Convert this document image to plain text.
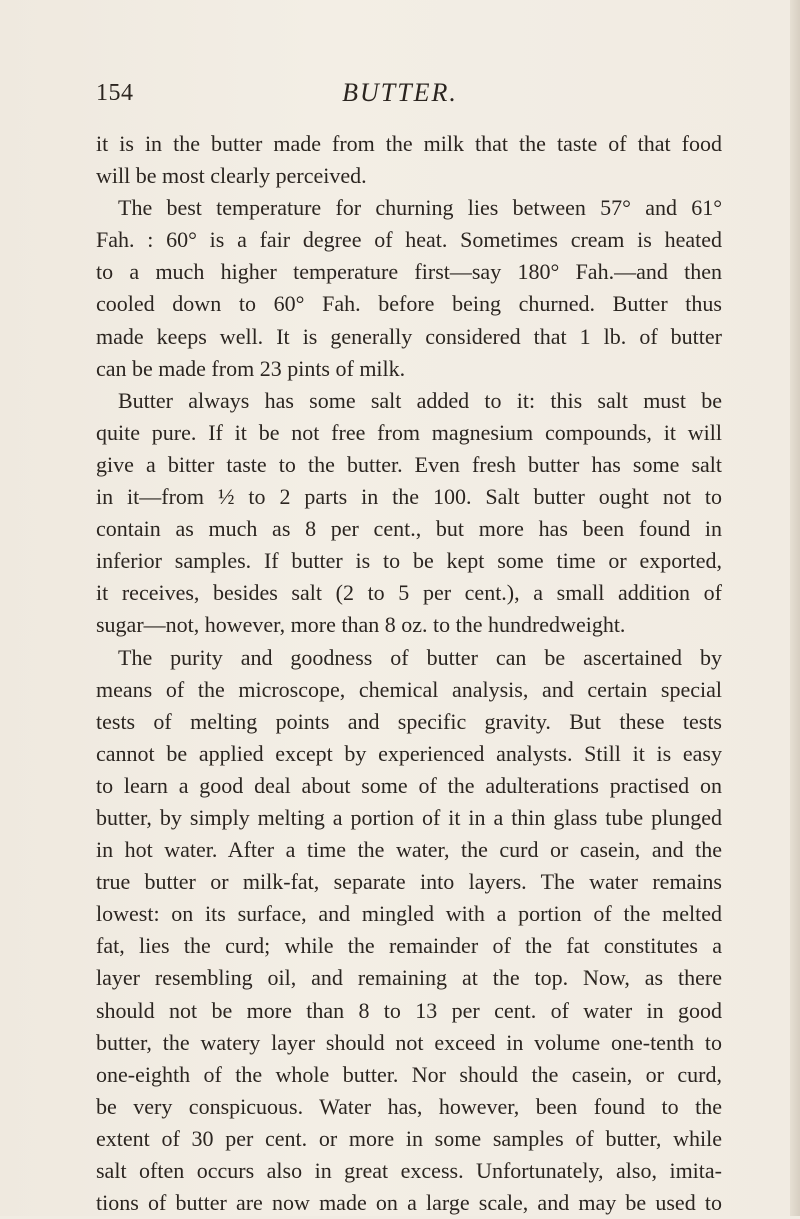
154	BUTTER.
it is in the butter made from the milk that the taste of that food
will be most clearly perceived.
The best temperature for churning lies between 57° and 61°
Fah. : 60° is a fair degree of heat. Sometimes cream is heated
to a much higher temperature first—say 180° Fah.—and then
cooled down to 60° Fah. before being churned. Butter thus
made keeps well. It is generally considered that 1 lb. of butter
can be made from 23 pints of milk.
Butter always has some salt added to it: this salt must be
quite pure. If it be not free from magnesium compounds, it will
give a bitter taste to the butter. Even fresh butter has some salt
in it—from ½ to 2 parts in the 100. Salt butter ought not to
contain as much as 8 per cent., but more has been found in
inferior samples. If butter is to be kept some time or exported,
it receives, besides salt (2 to 5 per cent.), a small addition of
sugar—not, however, more than 8 oz. to the hundredweight.
The purity and goodness of butter can be ascertained by
means of the microscope, chemical analysis, and certain special
tests of melting points and specific gravity. But these tests
cannot be applied except by experienced analysts. Still it is easy
to learn a good deal about some of the adulterations practised on
butter, by simply melting a portion of it in a thin glass tube plunged
in hot water. After a time the water, the curd or casein, and the
true butter or milk-fat, separate into layers. The water remains
lowest: on its surface, and mingled with a portion of the melted
fat, lies the curd; while the remainder of the fat constitutes a
layer resembling oil, and remaining at the top. Now, as there
should not be more than 8 to 13 per cent. of water in good
butter, the watery layer should not exceed in volume one-tenth to
one-eighth of the whole butter. Nor should the casein, or curd,
be very conspicuous. Water has, however, been found to the
extent of 30 per cent. or more in some samples of butter, while
salt often occurs also in great excess. Unfortunately, also, imita-
tions of butter are now made on a large scale, and may be used to
